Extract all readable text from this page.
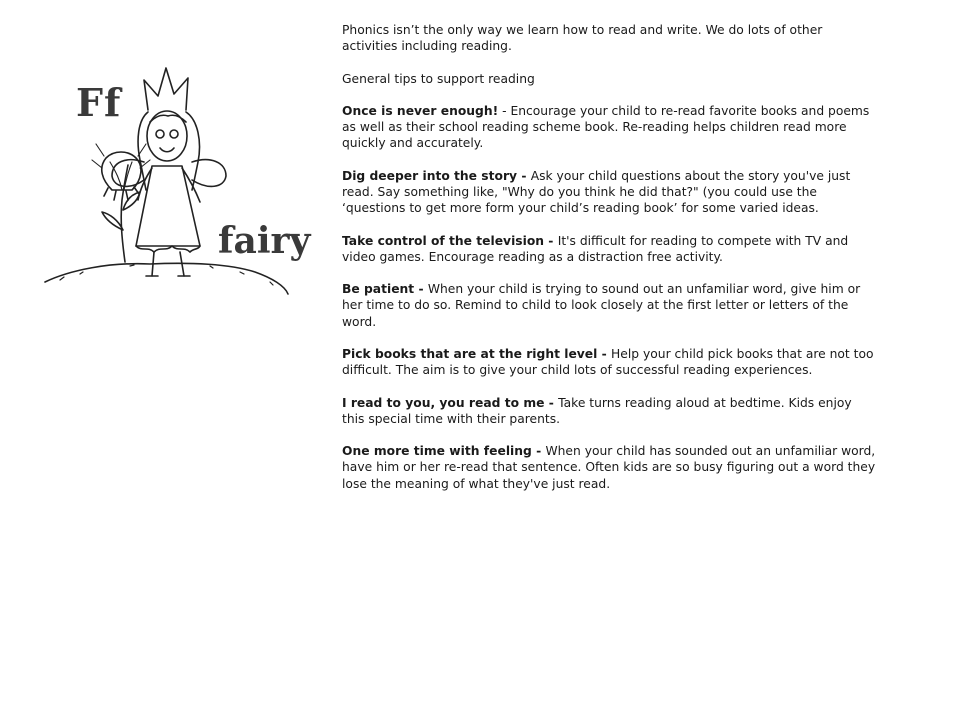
Ff
fairy

Phonics isn’t the only way we learn how to read and write. We do lots of other activities including reading.

General tips to support reading

Once is never enough! - Encourage your child to re-read favorite books and poems as well as their school reading scheme book. Re-reading helps children read more quickly and accurately.

Dig deeper into the story - Ask your child questions about the story you've just read. Say something like, "Why do you think he did that?" (you could use the ‘questions to get more form your child’s reading book’ for some varied ideas.

Take control of the television - It's difficult for reading to compete with TV and video games. Encourage reading as a distraction free activity.

Be patient - When your child is trying to sound out an unfamiliar word, give him or her time to do so. Remind to child to look closely at the first letter or letters of the word.

Pick books that are at the right level - Help your child pick books that are not too difficult. The aim is to give your child lots of successful reading experiences.

I read to you, you read to me - Take turns reading aloud at bedtime. Kids enjoy this special time with their parents.

One more time with feeling - When your child has sounded out an unfamiliar word, have him or her re-read that sentence. Often kids are so busy figuring out a word they lose the meaning of what they've just read.
